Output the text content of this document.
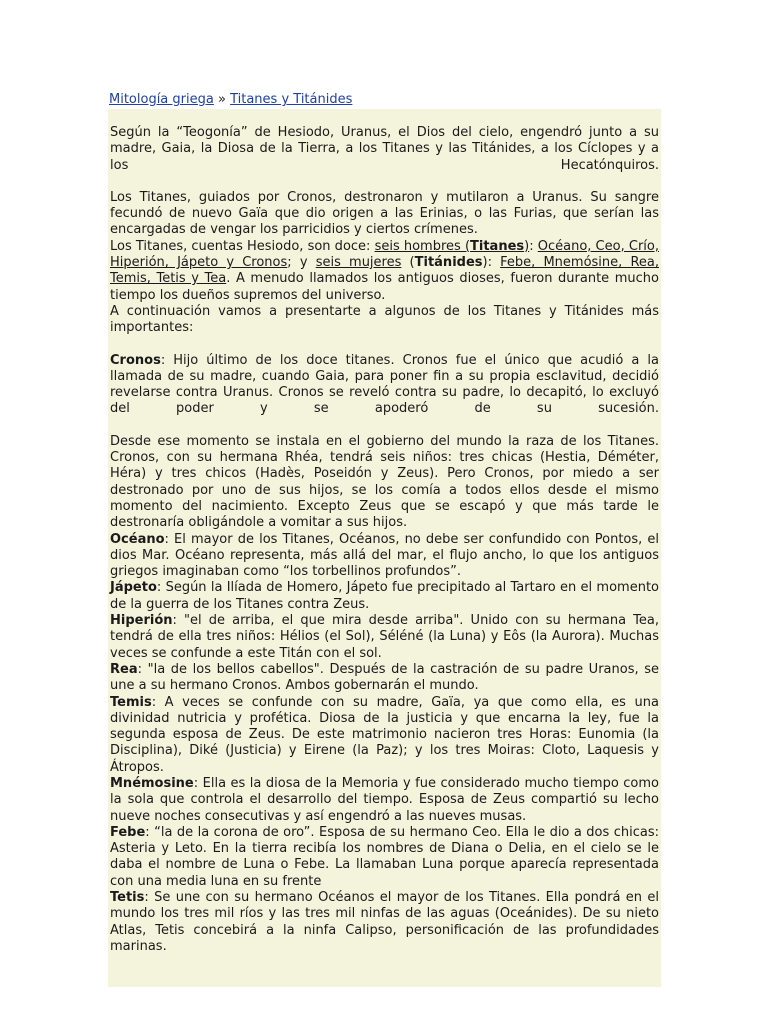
Mitología griega » Titanes y Titánides

Según la “Teogonía” de Hesiodo, Uranus, el Dios del cielo, engendró junto a su madre, Gaia, la Diosa de la Tierra, a los Titanes y las Titánides, a los Cíclopes y a los Hecatónquiros.

Los Titanes, guiados por Cronos, destronaron y mutilaron a Uranus. Su sangre fecundó de nuevo Gaïa que dio origen a las Erinias, o las Furias, que serían las encargadas de vengar los parricidios y ciertos crímenes.

Los Titanes, cuentas Hesiodo, son doce: seis hombres (Titanes): Océano, Ceo, Crío, Hiperión, Jápeto y Cronos; y seis mujeres (Titánides): Febe, Mnemósine, Rea, Temis, Tetis y Tea. A menudo llamados los antiguos dioses, fueron durante mucho tiempo los dueños supremos del universo.

A continuación vamos a presentarte a algunos de los Titanes y Titánides más importantes:

Cronos: Hijo último de los doce titanes. Cronos fue el único que acudió a la llamada de su madre, cuando Gaia, para poner fin a su propia esclavitud, decidió revelarse contra Uranus. Cronos se reveló contra su padre, lo decapitó, lo excluyó del poder y se apoderó de su sucesión.

Desde ese momento se instala en el gobierno del mundo la raza de los Titanes. Cronos, con su hermana Rhéa, tendrá seis niños: tres chicas (Hestia, Déméter, Héra) y tres chicos (Hadès, Poseidón y Zeus). Pero Cronos, por miedo a ser destronado por uno de sus hijos, se los comía a todos ellos desde el mismo momento del nacimiento. Excepto Zeus que se escapó y que más tarde le destronaría obligándole a vomitar a sus hijos.

Océano: El mayor de los Titanes, Océanos, no debe ser confundido con Pontos, el dios Mar. Océano representa, más allá del mar, el flujo ancho, lo que los antiguos griegos imaginaban como “los torbellinos profundos”.

Jápeto: Según la Ilíada de Homero, Jápeto fue precipitado al Tartaro en el momento de la guerra de los Titanes contra Zeus.

Hiperión: "el de arriba, el que mira desde arriba". Unido con su hermana Tea, tendrá de ella tres niños: Hélios (el Sol), Séléné (la Luna) y Eôs (la Aurora). Muchas veces se confunde a este Titán con el sol.

Rea: "la de los bellos cabellos". Después de la castración de su padre Uranos, se une a su hermano Cronos. Ambos gobernarán el mundo.

Temis: A veces se confunde con su madre, Gaïa, ya que como ella, es una divinidad nutricia y profética. Diosa de la justicia y que encarna la ley, fue la segunda esposa de Zeus. De este matrimonio nacieron tres Horas: Eunomia (la Disciplina), Diké (Justicia) y Eirene (la Paz); y los tres Moiras: Cloto, Laquesis y Átropos.

Mnémosine: Ella es la diosa de la Memoria y fue considerado mucho tiempo como la sola que controla el desarrollo del tiempo. Esposa de Zeus compartió su lecho nueve noches consecutivas y así engendró a las nueves musas.

Febe: “la de la corona de oro”. Esposa de su hermano Ceo. Ella le dio a dos chicas: Asteria y Leto. En la tierra recibía los nombres de Diana o Delia, en el cielo se le daba el nombre de Luna o Febe. La llamaban Luna porque aparecía representada con una media luna en su frente

Tetis: Se une con su hermano Océanos el mayor de los Titanes. Ella pondrá en el mundo los tres mil ríos y las tres mil ninfas de las aguas (Oceánides). De su nieto Atlas, Tetis concebirá a la ninfa Calipso, personificación de las profundidades marinas.
